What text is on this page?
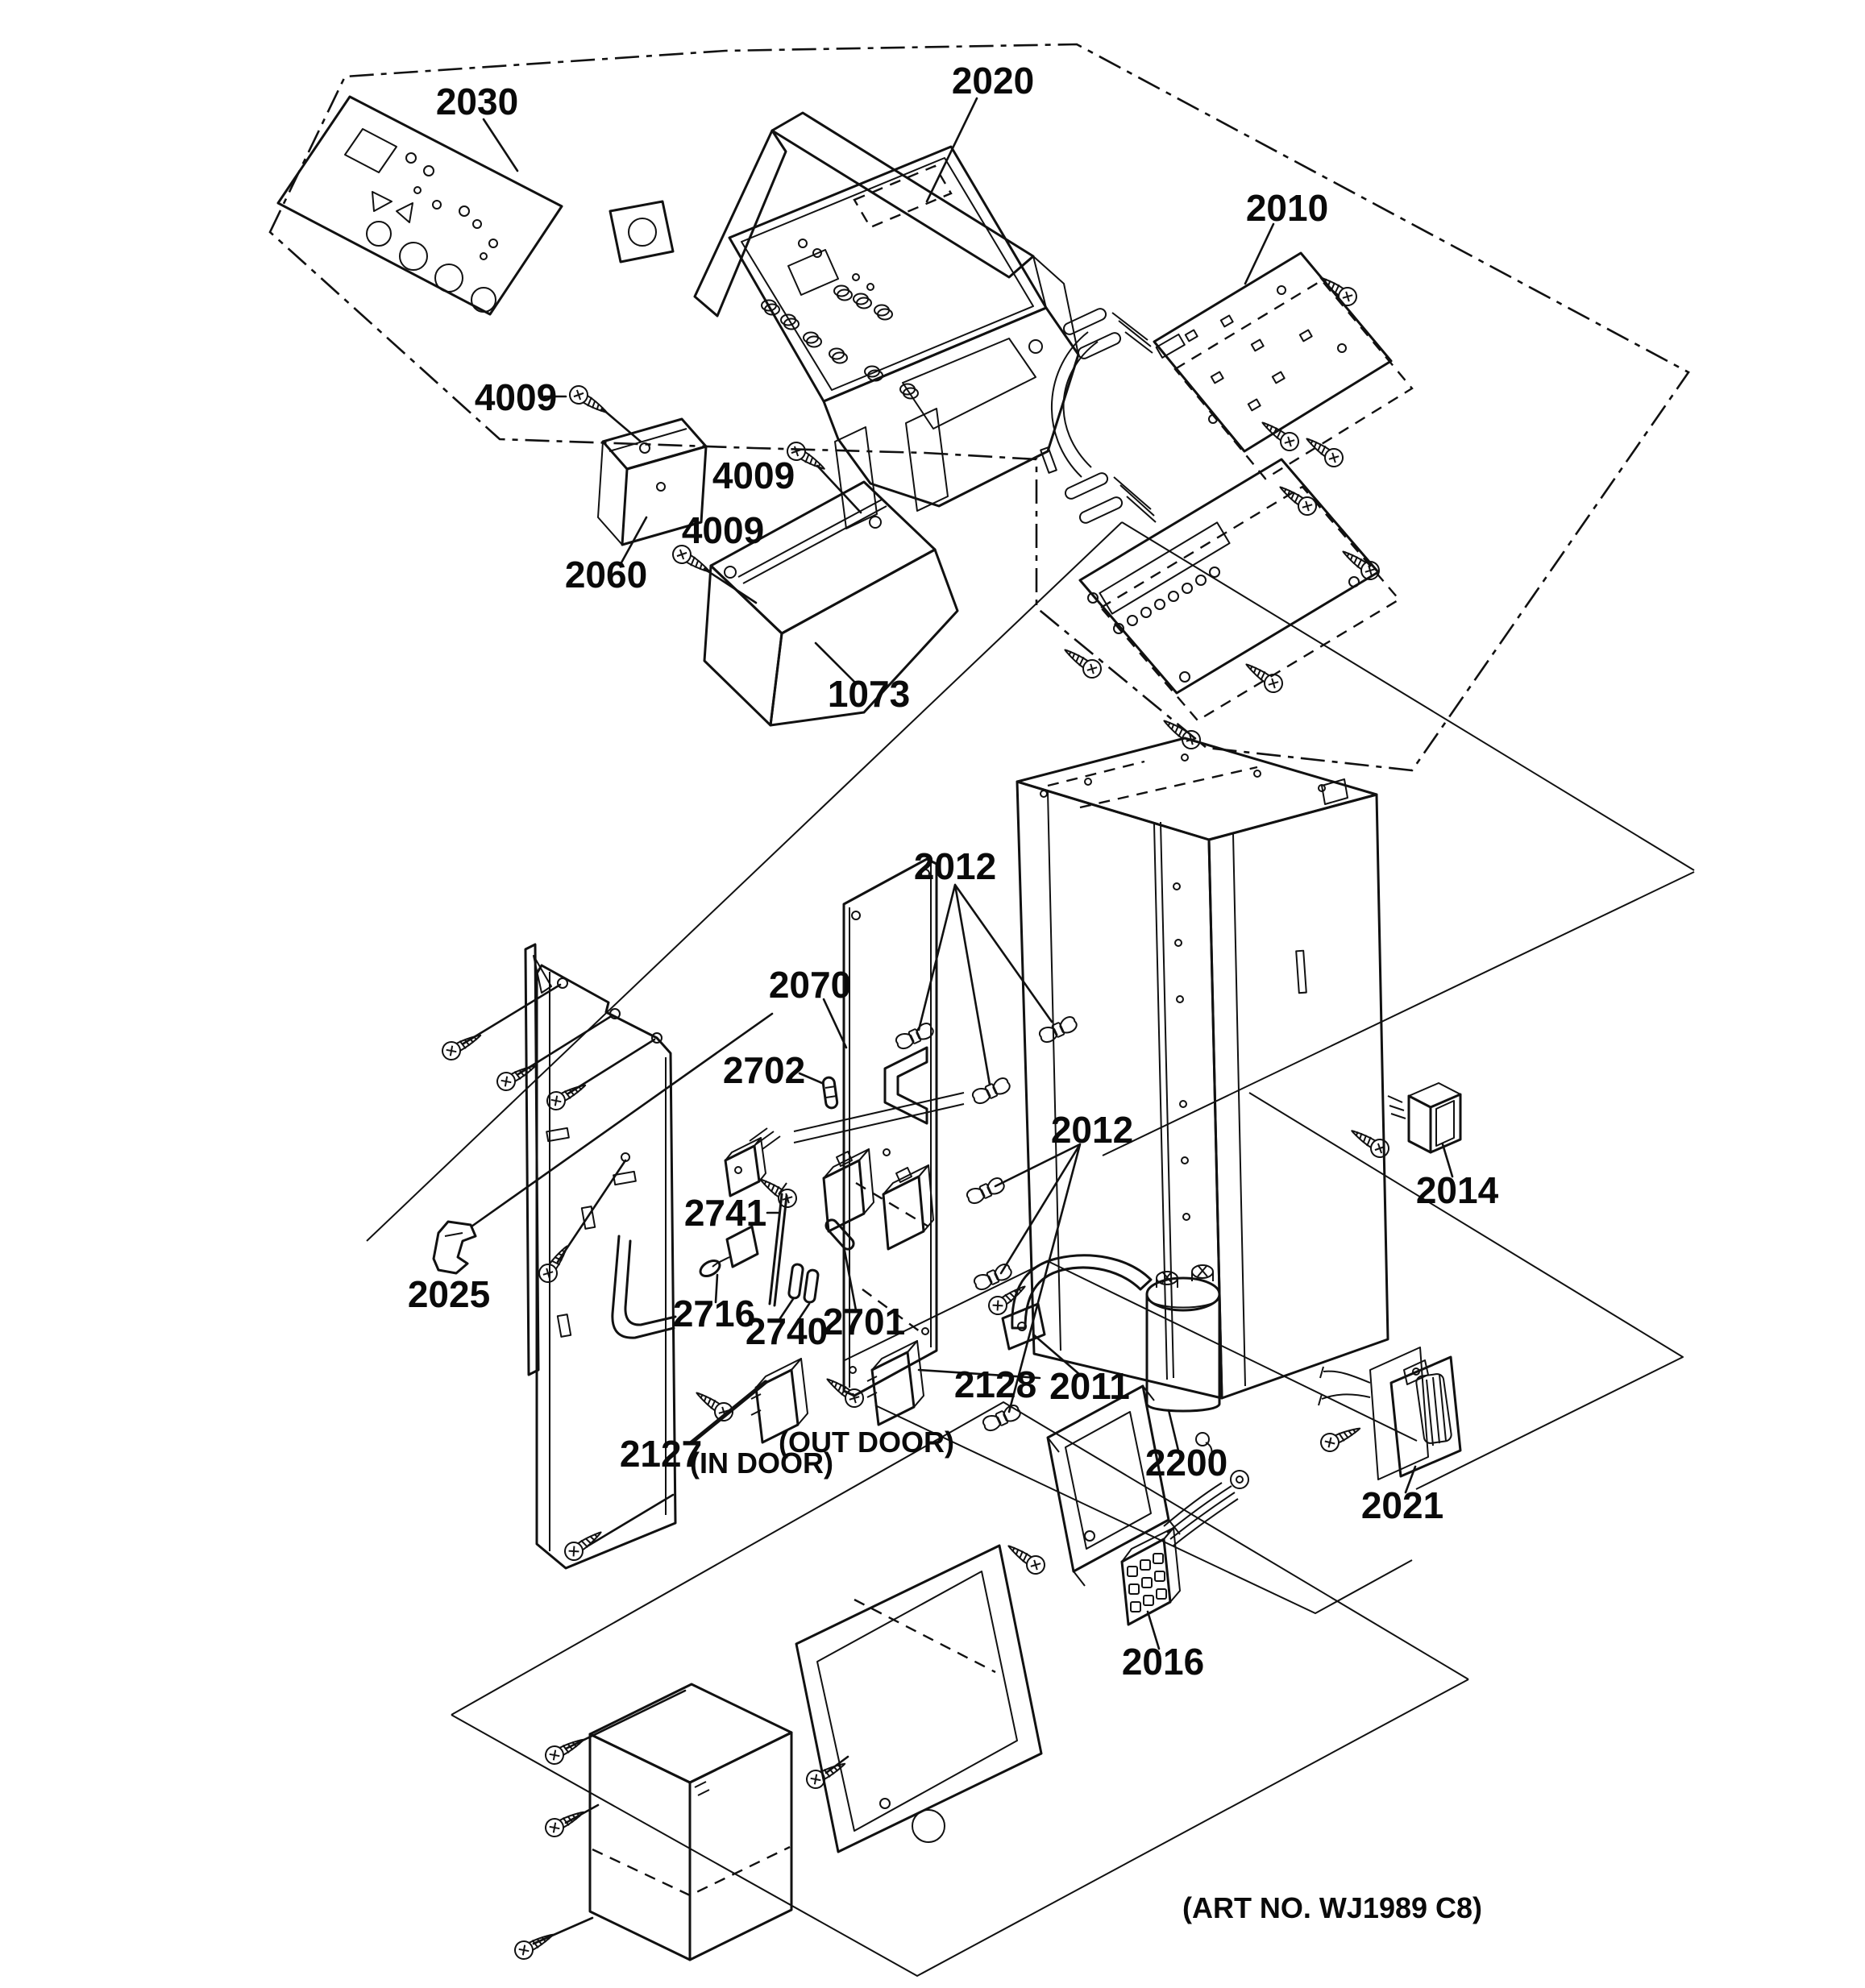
2030	2020
2010
4009
4009
4009
2060
1073
2012
2070
2702
2012
2741
2025	2716
2740
2701
2014
2127
2128 2011
2200
2021
2016
(IN DOOR)
(OUT DOOR)
(ART NO. WJ1989 C8)
